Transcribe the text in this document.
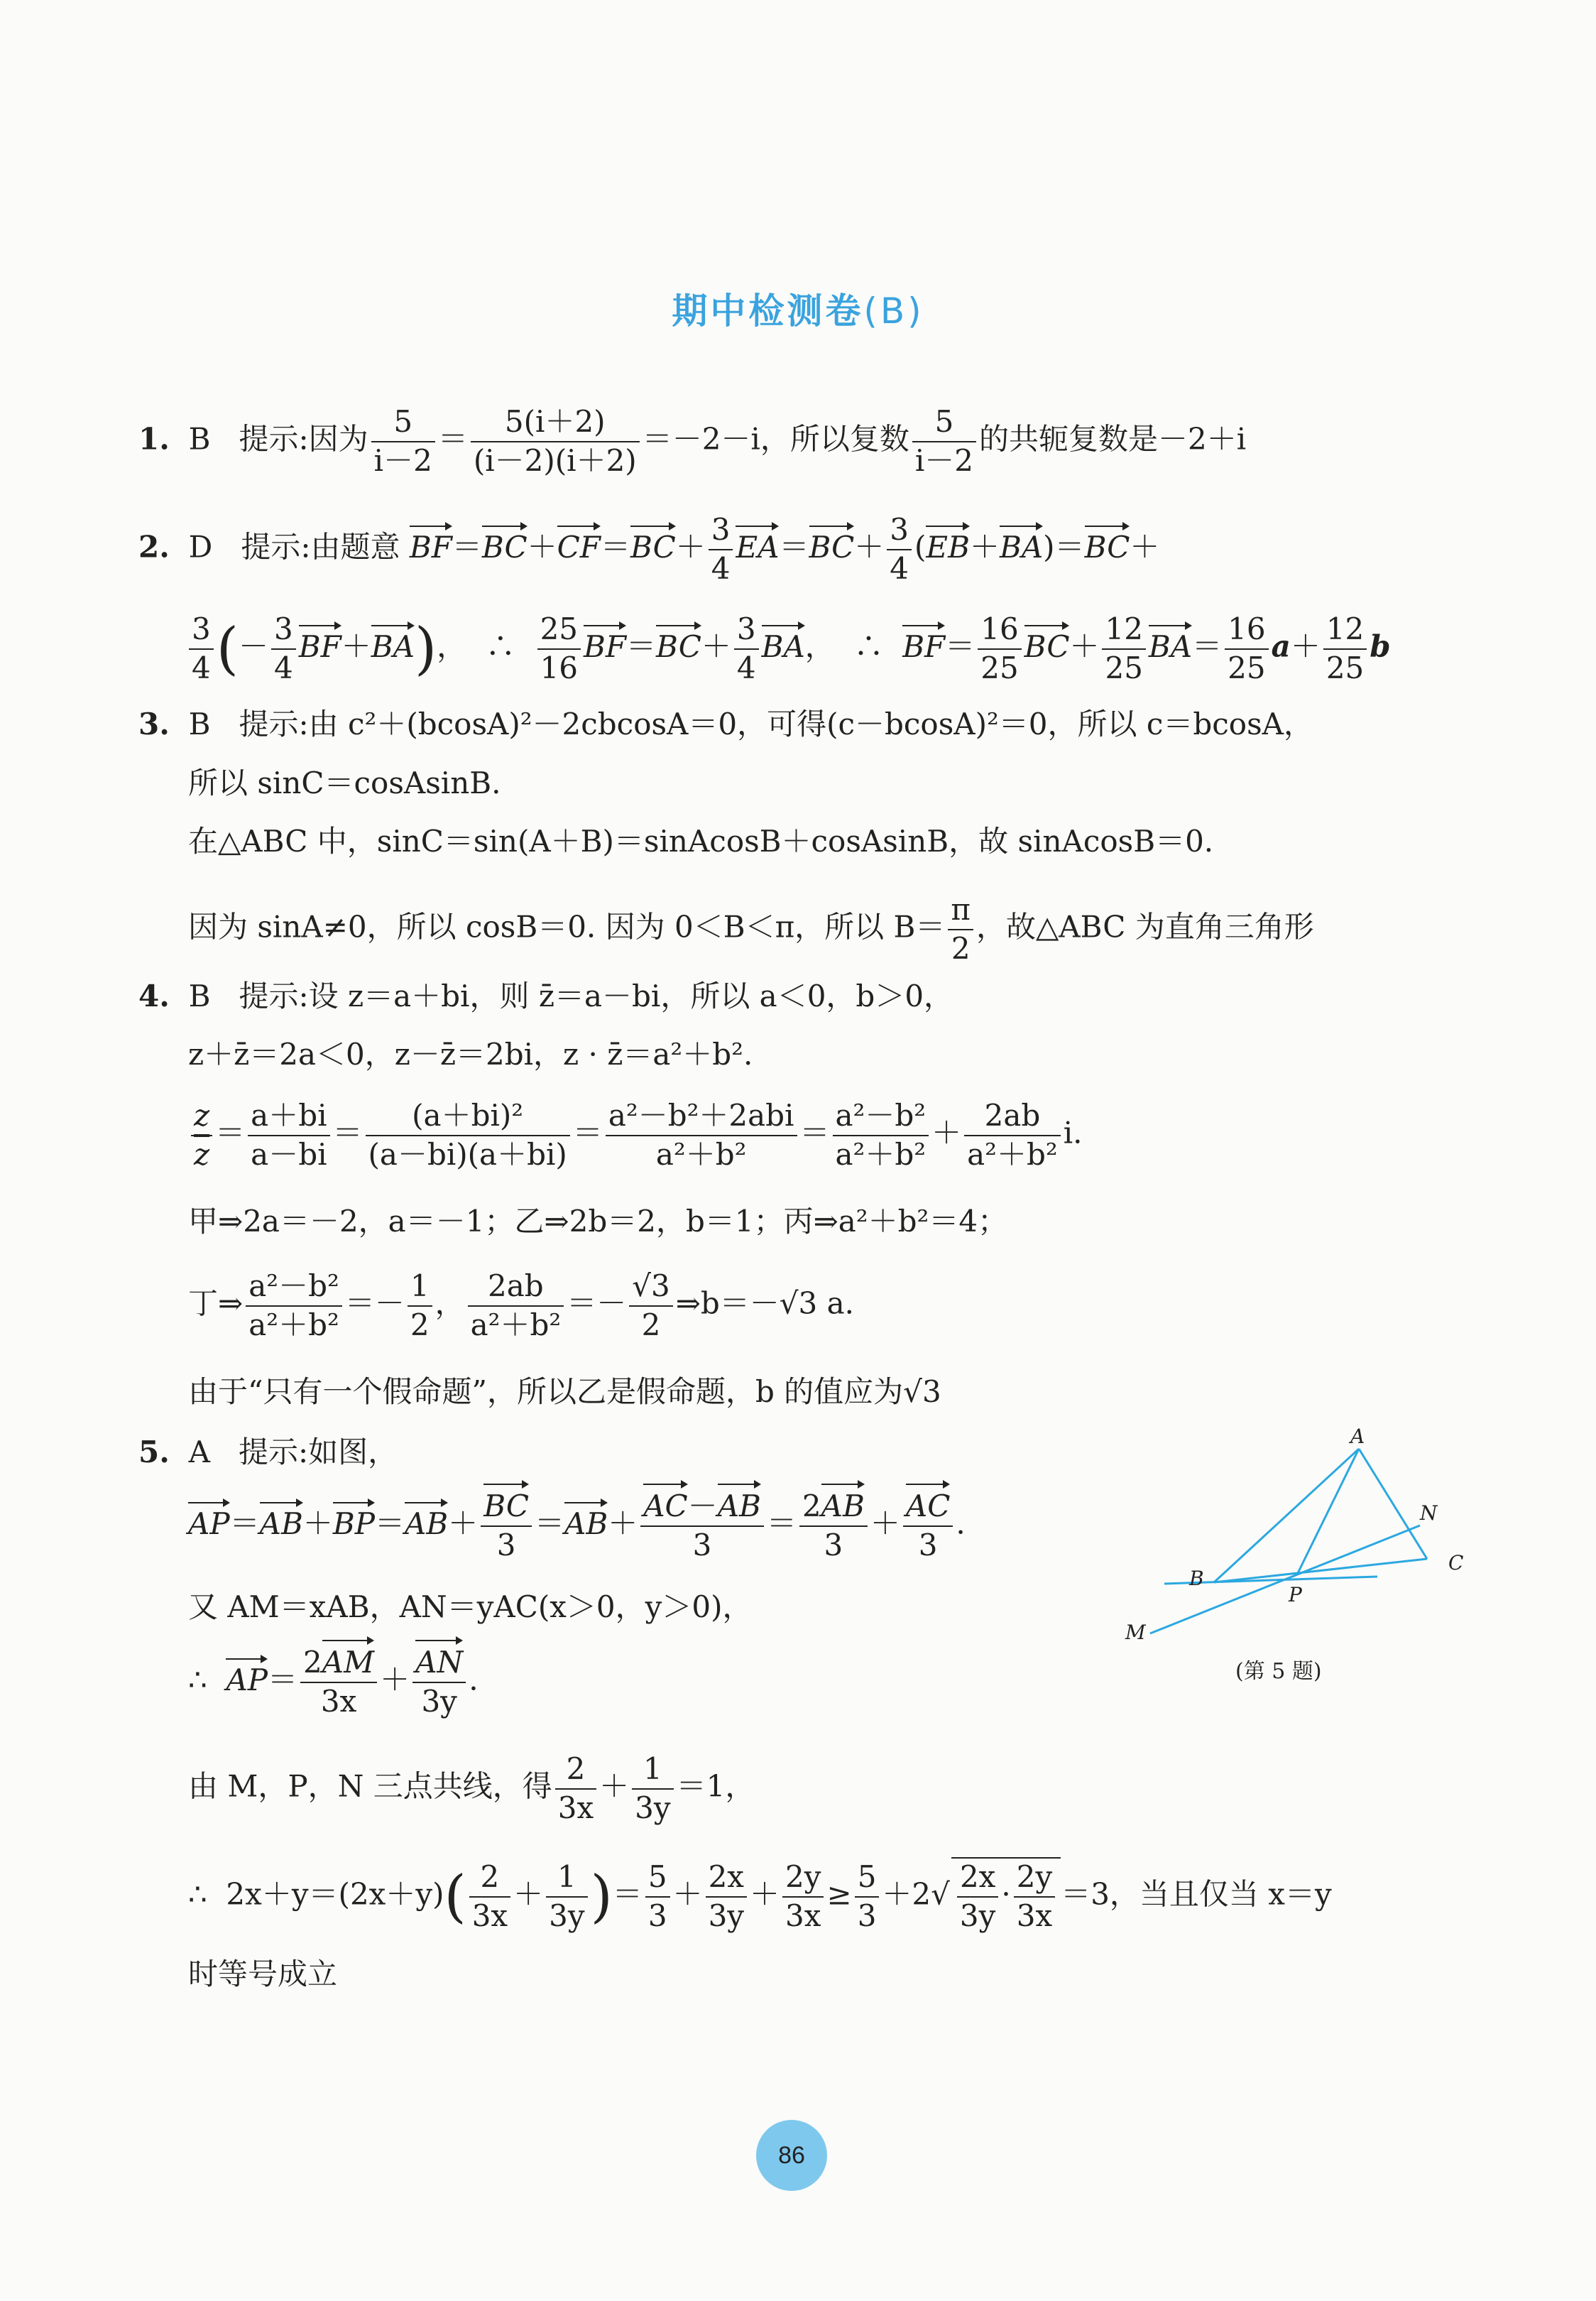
期中检测卷(B)
1. B 提示:因为 $\frac{5}{i-2} = \frac{5(i+2)}{(i-2)(i+2)} =-2-i$，所以复数 $\frac{5}{i-2}$ 的共轭复数是－2＋i
2. D 提示:由题意 $BF=BC+CF=BC+ \frac{3}{4} EA=BC+ \frac{3}{4} (EB+BA)=BC+$
$\frac{3}{4}$ (－ $\frac{3}{4} BF+BA$)，  ∴ $\frac{25}{16} BF=BC+ \frac{3}{4}$ BA，  ∴  $BF= \frac{16}{25} BC+ \frac{12}{25} BA= \frac{16}{25} a+ \frac{12}{25}$ b
3. B 提示:由 c²＋(bcosA)²－2cbcosA＝0，可得(c－bcosA)²＝0，所以 c＝bcosA，
所以 sinC＝cosAsinB.
在△ABC 中，sinC＝sin(A＋B)＝sinAcosB＋cosAsinB，故 sinAcosB＝0.
因为 sinA≠0，所以 cosB＝0. 因为 0＜B＜π，所以 $B= \frac{\pi}{2}$ ，故△ABC 为直角三角形
4. B 提示:设 z＝a＋bi，则 z̄＝a－bi，所以 a＜0，b＞0，
z＋z̄＝2a＜0，z－z̄＝2bi，z · z̄＝a²＋b².
$\frac{z}{z} = \frac{a+bi}{a-bi} = \frac{\text{(a＋bi)²}}{(a-bi)(a+bi)} = \frac{\text{a²－b²＋2abi}}{\text{a²＋b²}} = \frac{\text{a²－b²}}{\text{a²＋b²}} + \frac{2ab}{\text{a²＋b²}} i$.
甲⇒2a＝－2，a＝－1；乙⇒2b＝2，b＝1；丙⇒a²＋b²＝4；
丁⇒ $\frac{\text{a²－b²}}{\text{a²＋b²}} =- \frac{1}{2}$ ， $\frac{2ab}{\text{a²＋b²}} =- \frac{√3}{2}$ ⇒b＝－√3 a.
由于“只有一个假命题”，所以乙是假命题，b 的值应为√3
5. A 提示:如图，
$AP=AB+BP=AB+ \frac{BC}{3} =AB+ \frac{AC-AB}{3} = \frac{2AB}{3} + \frac{AC}{3}$ .
又 AM＝xAB，AN＝yAC(x＞0，y＞0)，
∴  $AP= \frac{2AM}{3x} + \frac{AN}{3y}$ .
由 M，P，N 三点共线，得 $\frac{2}{3x} + \frac{1}{3y} =1$，
∴  $2x+y=(2x+y)( \frac{2}{3x} + \frac{1}{3y}$ )＝ $\frac{5}{3} + \frac{2x}{3y} + \frac{2y}{3x} \ge \frac{5}{3} +2√ \frac{2x}{3y} \cdot \frac{2y}{3x} =3$，当且仅当 x＝y
时等号成立
A
B
C
M
N
P
(第 5 题)
86
